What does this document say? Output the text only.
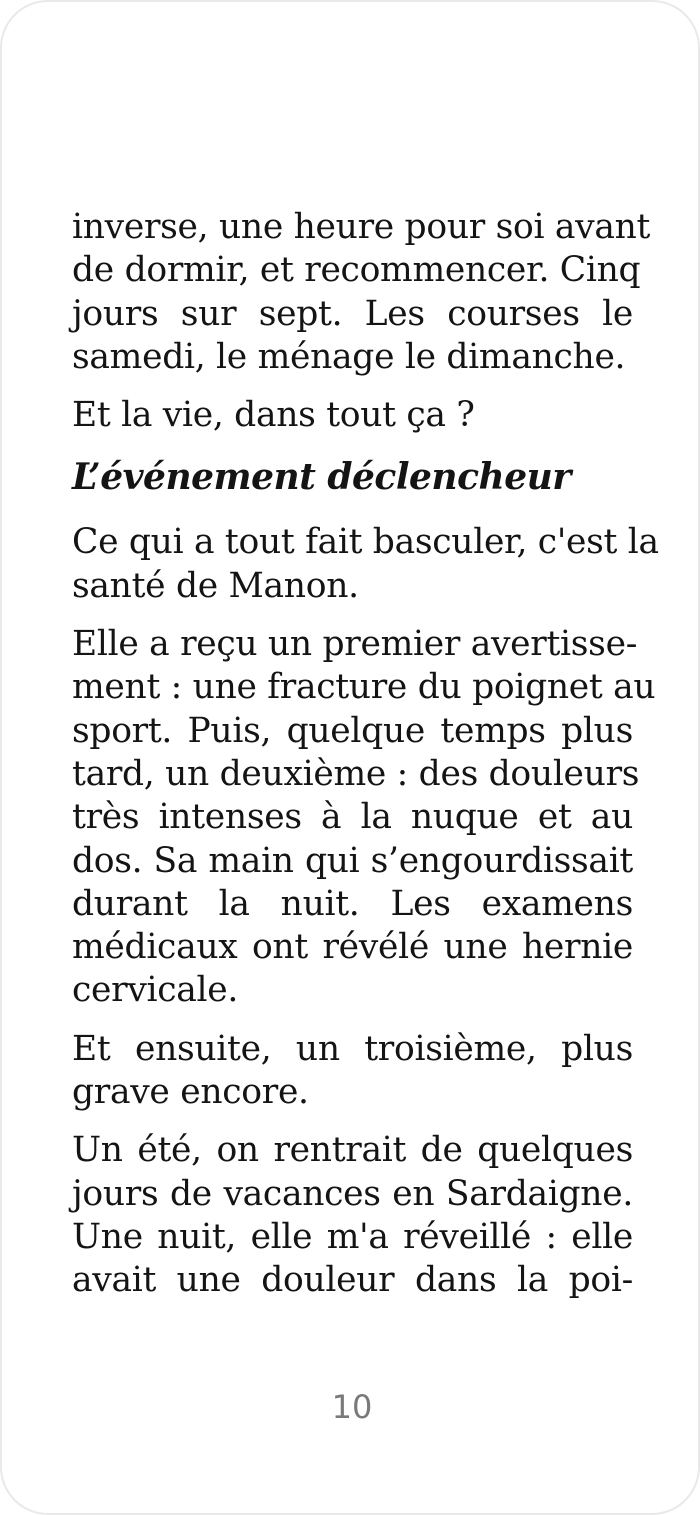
inverse, une heure pour soi avant
de dormir, et recommencer. Cinq
jours sur sept. Les courses le
samedi, le ménage le dimanche.

Et la vie, dans tout ça ?

L’événement déclencheur

Ce qui a tout fait basculer, c'est la
santé de Manon.

Elle a reçu un premier avertisse-
ment : une fracture du poignet au
sport. Puis, quelque temps plus
tard, un deuxième : des douleurs
très intenses à la nuque et au
dos. Sa main qui s’engourdissait
durant la nuit. Les examens
médicaux ont révélé une hernie
cervicale.

Et ensuite, un troisième, plus
grave encore.

Un été, on rentrait de quelques
jours de vacances en Sardaigne.
Une nuit, elle m'a réveillé : elle
avait une douleur dans la poi-

10
